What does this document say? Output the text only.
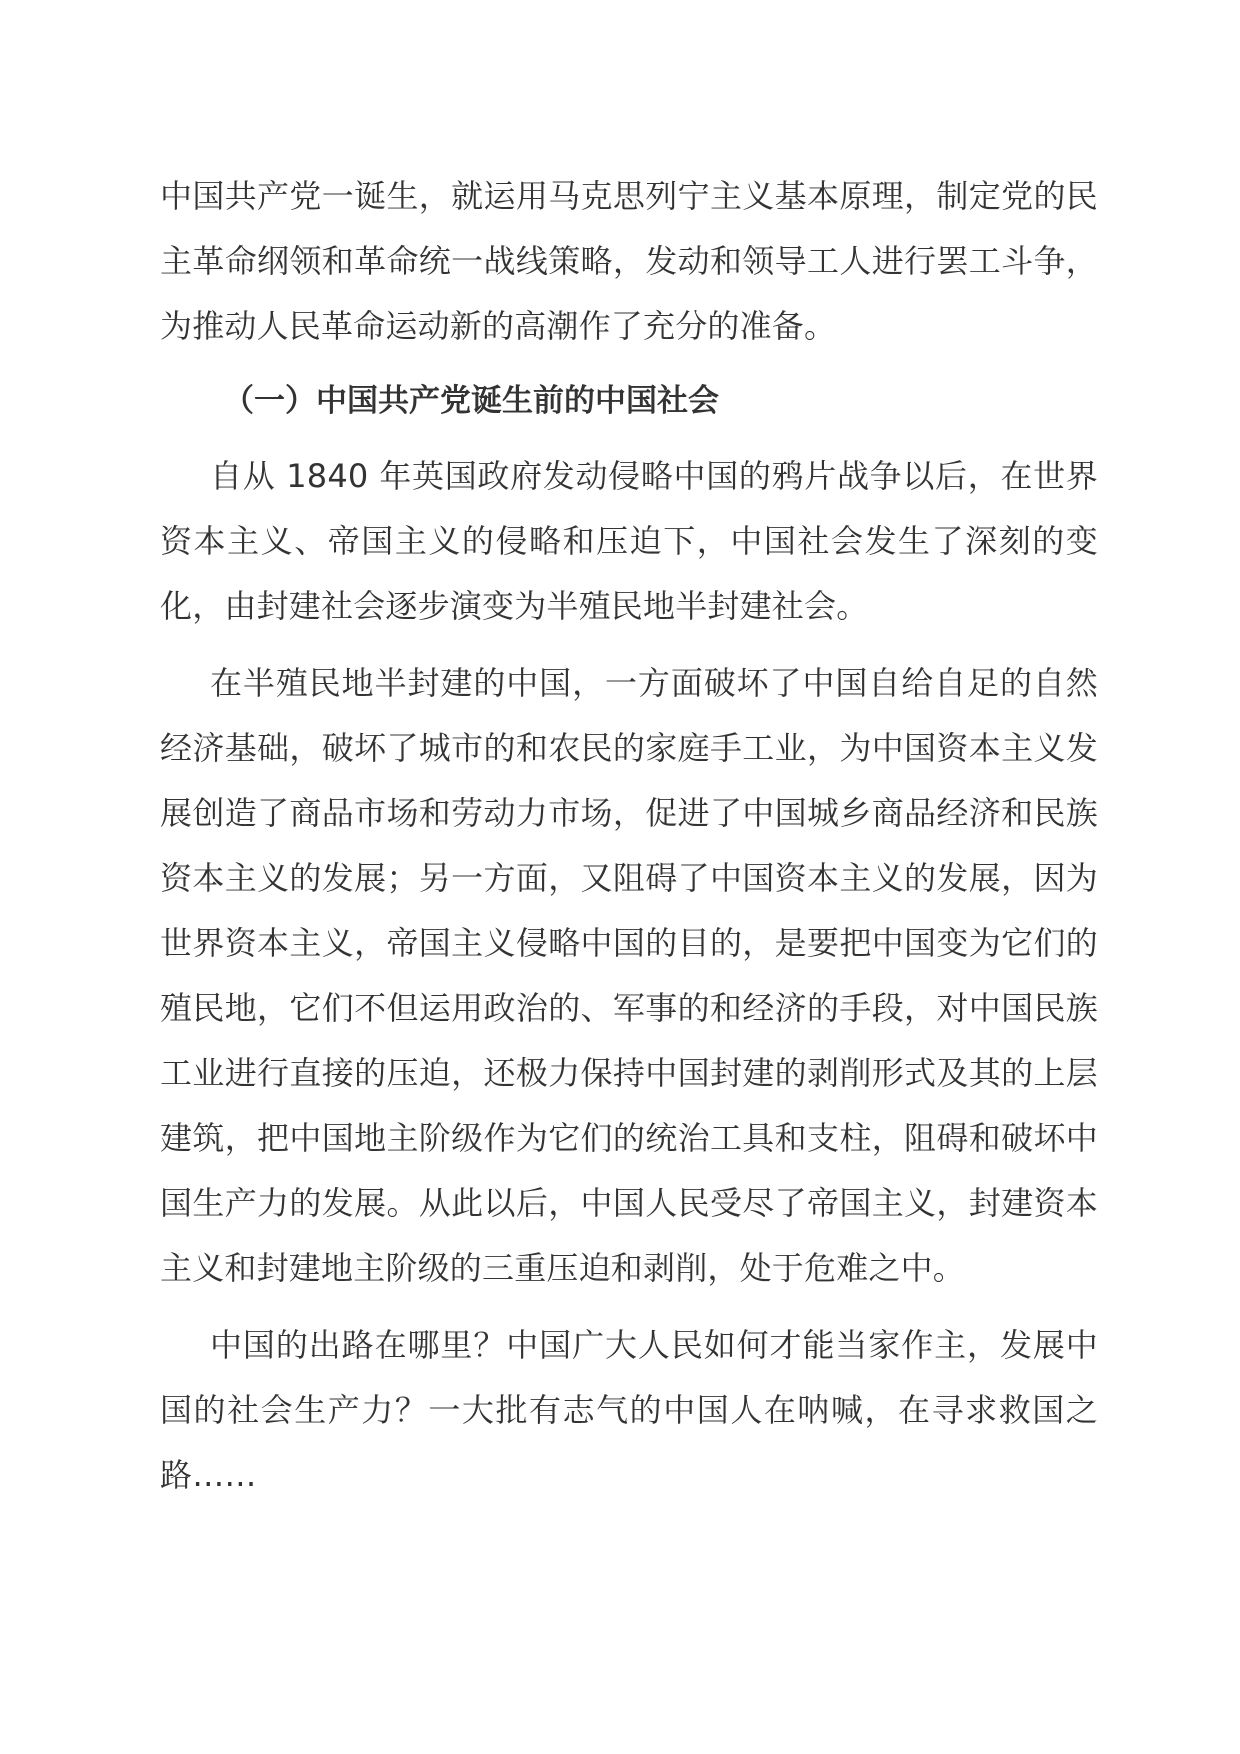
中国共产党一诞生，就运用马克思列宁主义基本原理，制定党的民主革命纲领和革命统一战线策略，发动和领导工人进行罢工斗争，为推动人民革命运动新的高潮作了充分的准备。

（一）中国共产党诞生前的中国社会

自从 1840 年英国政府发动侵略中国的鸦片战争以后，在世界资本主义、帝国主义的侵略和压迫下，中国社会发生了深刻的变化，由封建社会逐步演变为半殖民地半封建社会。

在半殖民地半封建的中国，一方面破坏了中国自给自足的自然经济基础，破坏了城市的和农民的家庭手工业，为中国资本主义发展创造了商品市场和劳动力市场，促进了中国城乡商品经济和民族资本主义的发展；另一方面，又阻碍了中国资本主义的发展，因为世界资本主义，帝国主义侵略中国的目的，是要把中国变为它们的殖民地，它们不但运用政治的、军事的和经济的手段，对中国民族工业进行直接的压迫，还极力保持中国封建的剥削形式及其的上层建筑，把中国地主阶级作为它们的统治工具和支柱，阻碍和破坏中国生产力的发展。从此以后，中国人民受尽了帝国主义，封建资本主义和封建地主阶级的三重压迫和剥削，处于危难之中。

中国的出路在哪里？中国广大人民如何才能当家作主，发展中国的社会生产力？一大批有志气的中国人在呐喊，在寻求救国之路……
